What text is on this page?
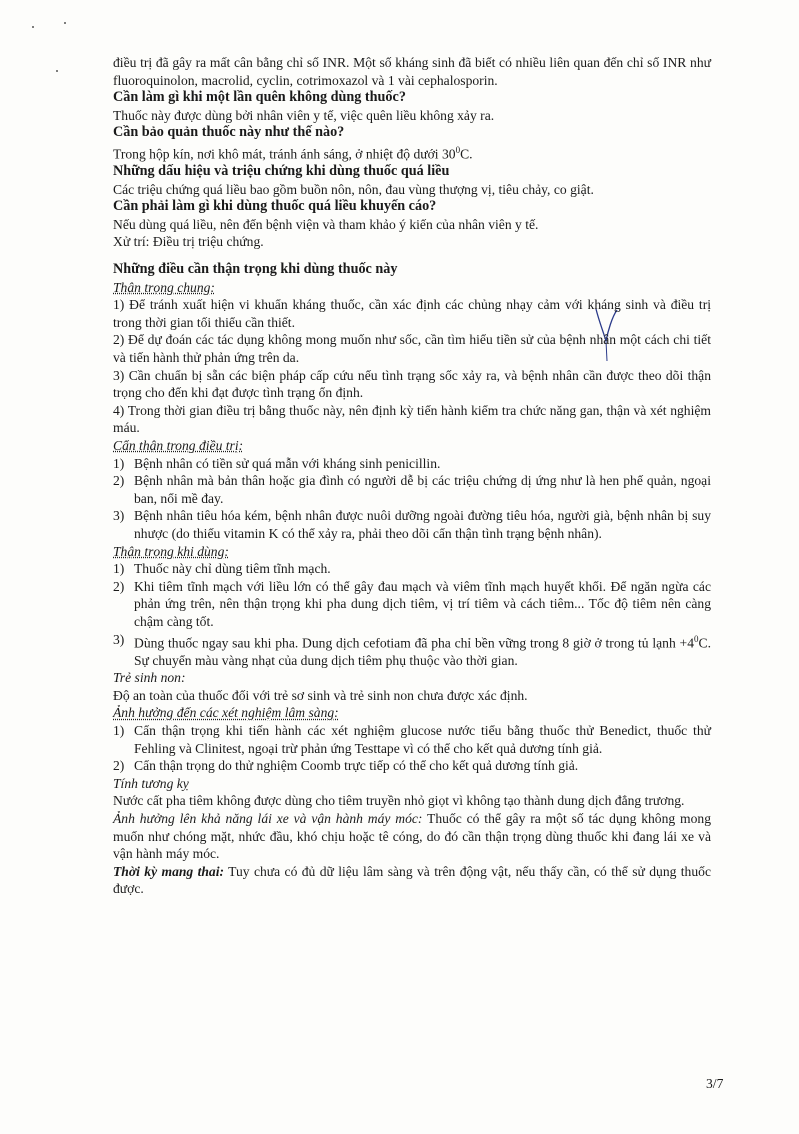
điều trị đã gây ra mất cân bằng chỉ số INR. Một số kháng sinh đã biết có nhiều liên quan đến chỉ số INR như fluoroquinolon, macrolid, cyclin, cotrimoxazol và 1 vài cephalosporin.

Cần làm gì khi một lần quên không dùng thuốc?

Thuốc này được dùng bởi nhân viên y tế, việc quên liều không xảy ra.

Cần bảo quản thuốc này như thế nào?

Trong hộp kín, nơi khô mát, tránh ánh sáng, ở nhiệt độ dưới $30^0C$.

Những dấu hiệu và triệu chứng khi dùng thuốc quá liều

Các triệu chứng quá liều bao gồm buồn nôn, nôn, đau vùng thượng vị, tiêu chảy, co giật.

Cần phải làm gì khi dùng thuốc quá liều khuyến cáo?

Nếu dùng quá liều, nên đến bệnh viện và tham khảo ý kiến của nhân viên y tế.

Xử trí: Điều trị triệu chứng.

Những điều cần thận trọng khi dùng thuốc này

Thận trọng chung:

1) Để tránh xuất hiện vi khuẩn kháng thuốc, cần xác định các chủng nhạy cảm với kháng sinh và điều trị trong thời gian tối thiểu cần thiết.

2) Để dự đoán các tác dụng không mong muốn như sốc, cần tìm hiểu tiền sử của bệnh nhân một cách chi tiết và tiến hành thử phản ứng trên da.

3) Cần chuẩn bị sẵn các biện pháp cấp cứu nếu tình trạng sốc xảy ra, và bệnh nhân cần được theo dõi thận trọng cho đến khi đạt được tình trạng ổn định.

4) Trong thời gian điều trị bằng thuốc này, nên định kỳ tiến hành kiểm tra chức năng gan, thận và xét nghiệm máu.

Cẩn thận trong điều trị:

1) Bệnh nhân có tiền sử quá mẫn với kháng sinh penicillin.
2) Bệnh nhân mà bản thân hoặc gia đình có người dễ bị các triệu chứng dị ứng như là hen phế quản, ngoại ban, nổi mề đay.
3) Bệnh nhân tiêu hóa kém, bệnh nhân được nuôi dưỡng ngoài đường tiêu hóa, người già, bệnh nhân bị suy nhược (do thiếu vitamin K có thể xảy ra, phải theo dõi cẩn thận tình trạng bệnh nhân).

Thận trọng khi dùng:

1) Thuốc này chỉ dùng tiêm tĩnh mạch.
2) Khi tiêm tĩnh mạch với liều lớn có thể gây đau mạch và viêm tĩnh mạch huyết khối. Để ngăn ngừa các phản ứng trên, nên thận trọng khi pha dung dịch tiêm, vị trí tiêm và cách tiêm... Tốc độ tiêm nên càng chậm càng tốt.
3) Dùng thuốc ngay sau khi pha. Dung dịch cefotiam đã pha chỉ bền vững trong 8 giờ ở trong tủ lạnh $+4^0C$. Sự chuyển màu vàng nhạt của dung dịch tiêm phụ thuộc vào thời gian.

Trẻ sinh non:

Độ an toàn của thuốc đối với trẻ sơ sinh và trẻ sinh non chưa được xác định.

Ảnh hưởng đến các xét nghiệm lâm sàng:

1) Cẩn thận trọng khi tiến hành các xét nghiệm glucose nước tiểu bằng thuốc thử Benedict, thuốc thử Fehling và Clinitest, ngoại trừ phản ứng Testtape vì có thể cho kết quả dương tính giả.
2) Cẩn thận trọng do thử nghiệm Coomb trực tiếp có thể cho kết quả dương tính giả.

Tính tương kỵ

Nước cất pha tiêm không được dùng cho tiêm truyền nhỏ giọt vì không tạo thành dung dịch đẳng trương.

Ảnh hưởng lên khả năng lái xe và vận hành máy móc: Thuốc có thể gây ra một số tác dụng không mong muốn như chóng mặt, nhức đầu, khó chịu hoặc tê cóng, do đó cần thận trọng dùng thuốc khi đang lái xe và vận hành máy móc.

Thời kỳ mang thai: Tuy chưa có đủ dữ liệu lâm sàng và trên động vật, nếu thấy cần, có thể sử dụng thuốc được.

3/7
